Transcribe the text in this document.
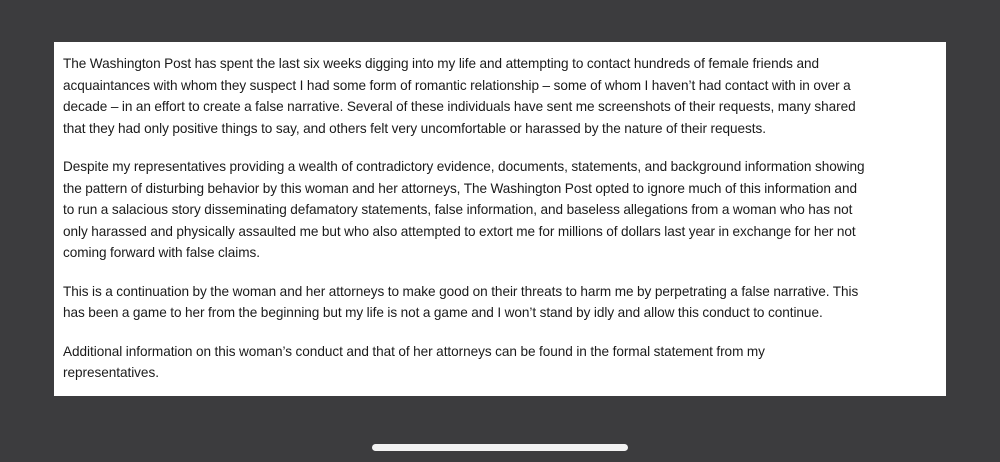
The Washington Post has spent the last six weeks digging into my life and attempting to contact hundreds of female friends and
acquaintances with whom they suspect I had some form of romantic relationship – some of whom I haven’t had contact with in over a
decade – in an effort to create a false narrative. Several of these individuals have sent me screenshots of their requests, many shared
that they had only positive things to say, and others felt very uncomfortable or harassed by the nature of their requests.

Despite my representatives providing a wealth of contradictory evidence, documents, statements, and background information showing
the pattern of disturbing behavior by this woman and her attorneys, The Washington Post opted to ignore much of this information and
to run a salacious story disseminating defamatory statements, false information, and baseless allegations from a woman who has not
only harassed and physically assaulted me but who also attempted to extort me for millions of dollars last year in exchange for her not
coming forward with false claims.

This is a continuation by the woman and her attorneys to make good on their threats to harm me by perpetrating a false narrative. This
has been a game to her from the beginning but my life is not a game and I won’t stand by idly and allow this conduct to continue.

Additional information on this woman’s conduct and that of her attorneys can be found in the formal statement from my
representatives.
